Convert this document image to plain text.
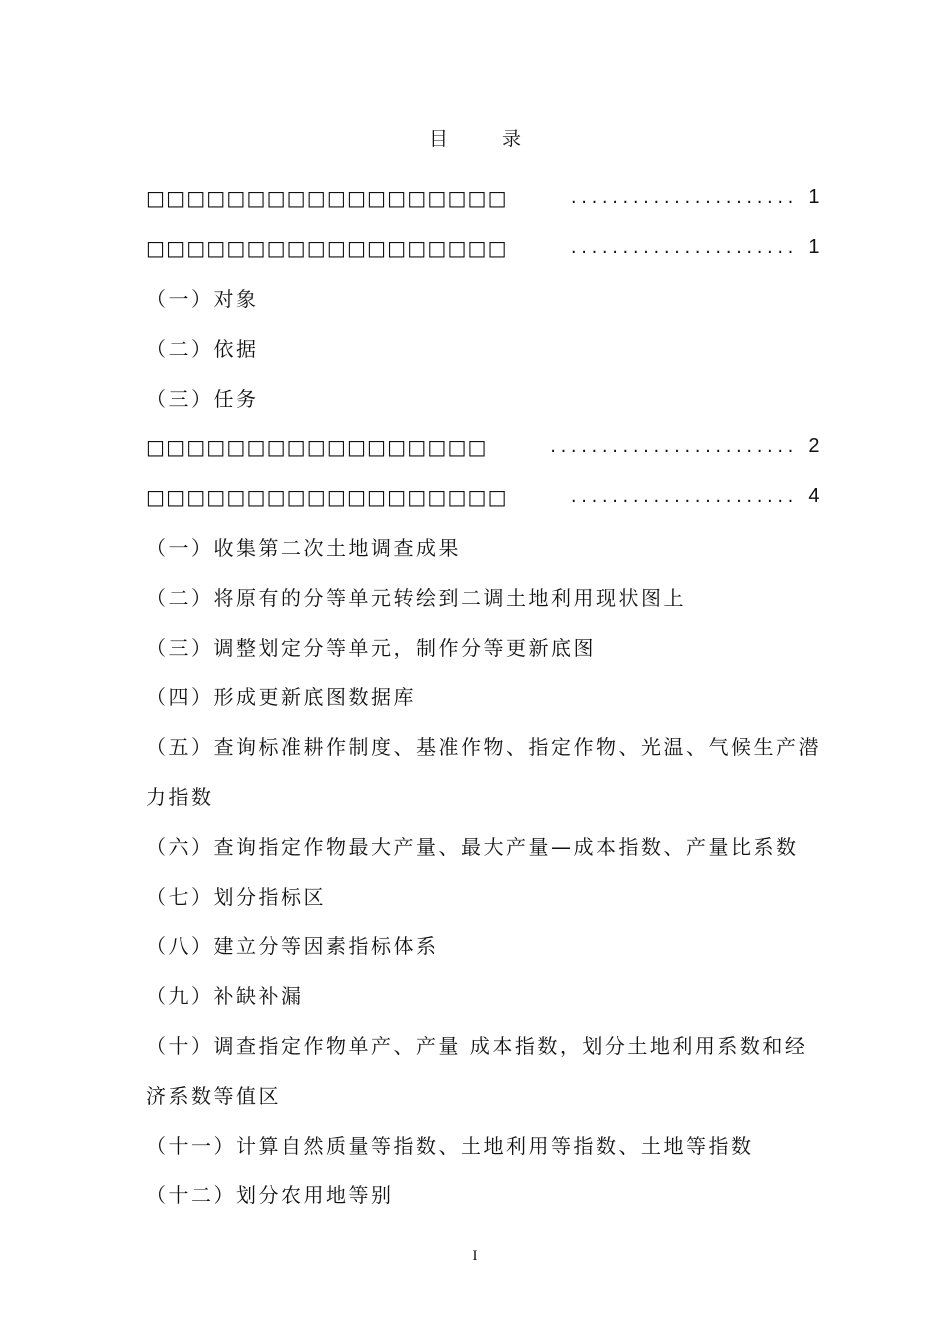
目 录
□□□□□□□□□□□□□□□□□□	...................... 1
□□□□□□□□□□□□□□□□□□	...................... 1
（一）对象
（二）依据
（三）任务
□□□□□□□□□□□□□□□□□	........................ 2
□□□□□□□□□□□□□□□□□□	...................... 4
（一）收集第二次土地调查成果
（二）将原有的分等单元转绘到二调土地利用现状图上
（三）调整划定分等单元，制作分等更新底图
（四）形成更新底图数据库
（五）查询标准耕作制度、基准作物、指定作物、光温、气候生产潜
力指数
（六）查询指定作物最大产量、最大产量—成本指数、产量比系数
（七）划分指标区
（八）建立分等因素指标体系
（九）补缺补漏
（十）调查指定作物单产、产量 成本指数，划分土地利用系数和经
济系数等值区
（十一）计算自然质量等指数、土地利用等指数、土地等指数
（十二）划分农用地等别
I
